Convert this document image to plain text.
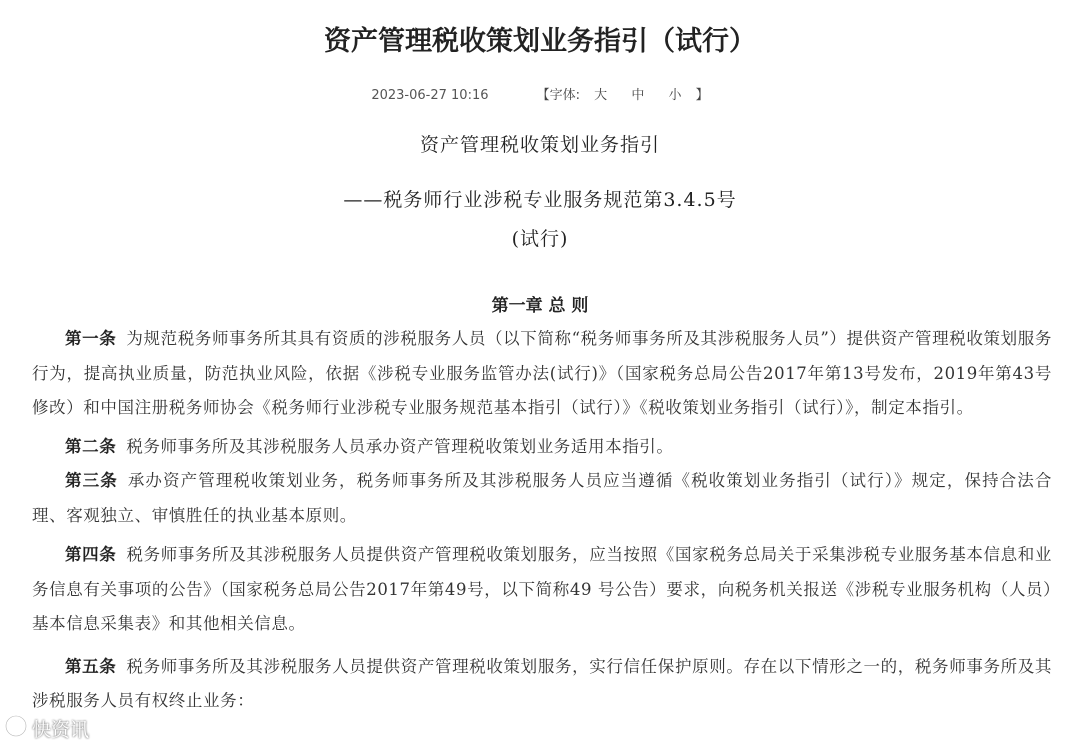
资产管理税收策划业务指引（试行）
2023-06-27 10:16	【字体: 大 中 小 】
资产管理税收策划业务指引
——税务师行业涉税专业服务规范第3.4.5号
(试行)
第一章 总 则

第一条 为规范税务师事务所其具有资质的涉税服务人员（以下简称“税务师事务所及其涉税服务人员”）提供资产管理税收策划服务行为，提高执业质量，防范执业风险，依据《涉税专业服务监管办法(试行)》（国家税务总局公告2017年第13号发布，2019年第43号修改）和中国注册税务师协会《税务师行业涉税专业服务规范基本指引（试行）》《税收策划业务指引（试行）》，制定本指引。

第二条 税务师事务所及其涉税服务人员承办资产管理税收策划业务适用本指引。

第三条 承办资产管理税收策划业务，税务师事务所及其涉税服务人员应当遵循《税收策划业务指引（试行）》规定，保持合法合理、客观独立、审慎胜任的执业基本原则。

第四条 税务师事务所及其涉税服务人员提供资产管理税收策划服务，应当按照《国家税务总局关于采集涉税专业服务基本信息和业务信息有关事项的公告》（国家税务总局公告2017年第49号，以下简称49 号公告）要求，向税务机关报送《涉税专业服务机构（人员）基本信息采集表》和其他相关信息。

第五条 税务师事务所及其涉税服务人员提供资产管理税收策划服务，实行信任保护原则。存在以下情形之一的，税务师事务所及其涉税服务人员有权终止业务：

快资讯
